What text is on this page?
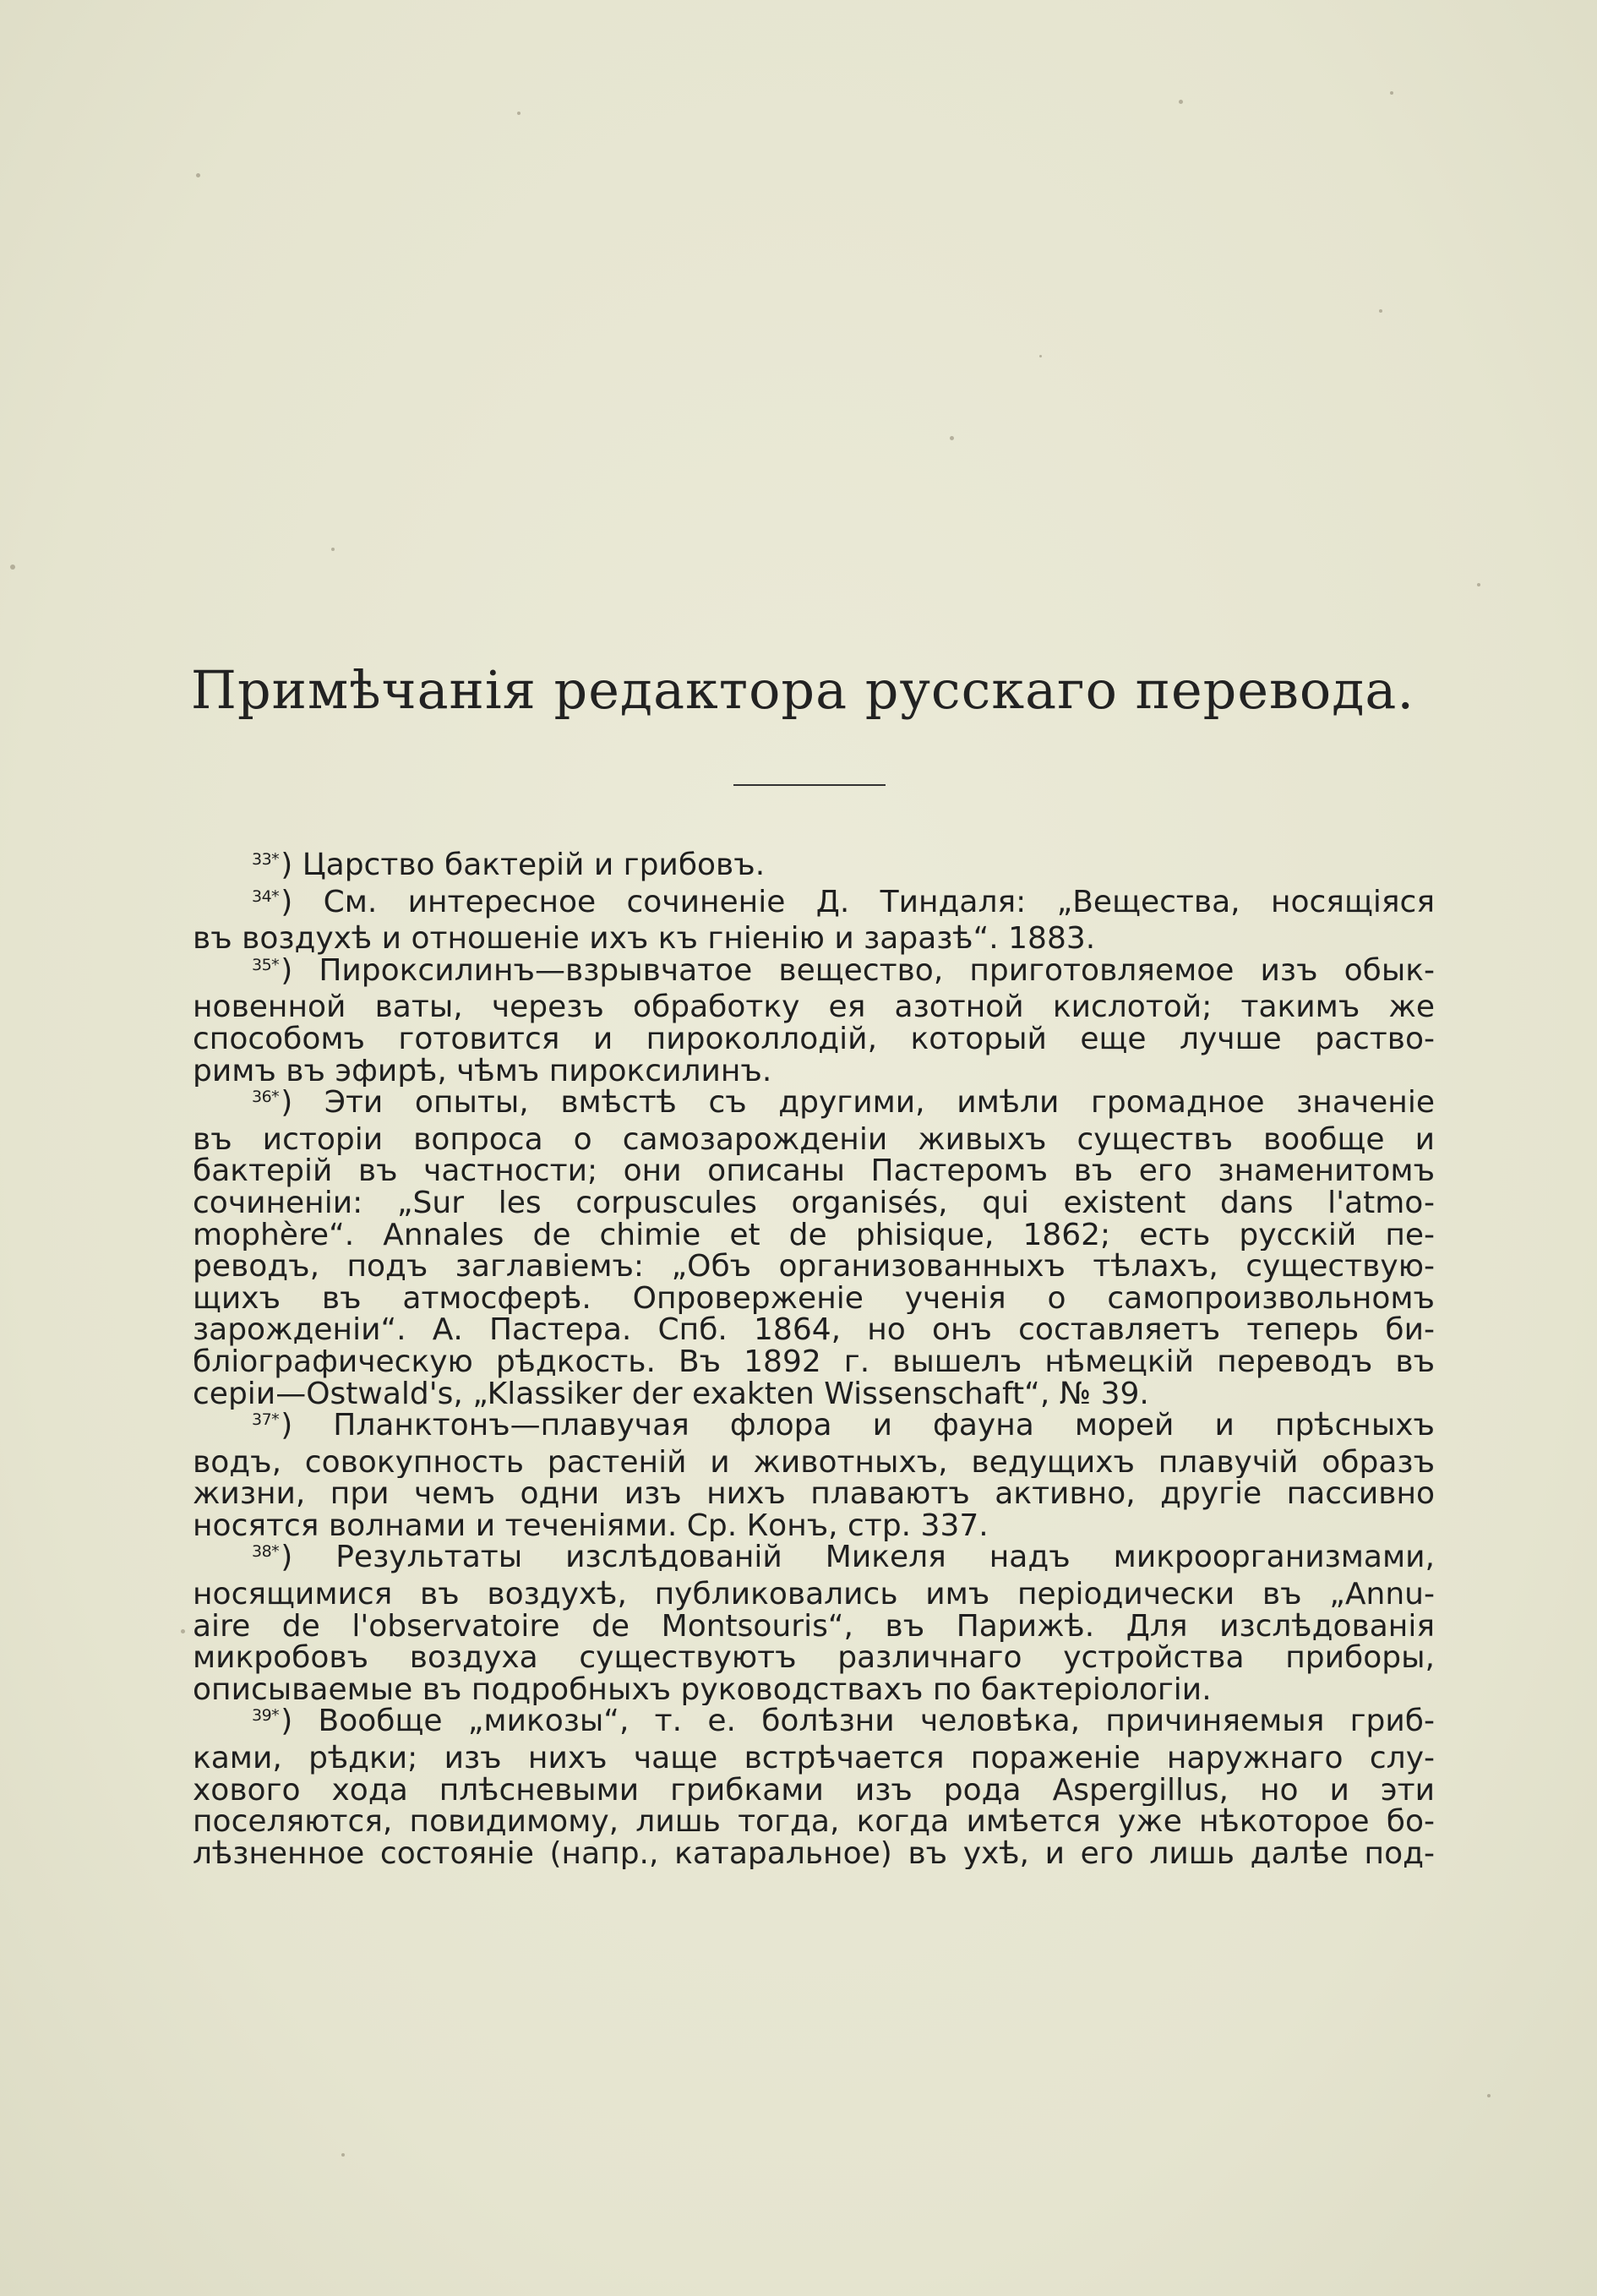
Примѣчанія редактора русскаго перевода.

$^{33*}$) Царство бактерій и грибовъ.

$^{34*}$) См. интересное сочиненіе Д. Тиндаля: „Вещества, носящіяся
въ воздухѣ и отношеніе ихъ къ гніенію и заразѣ“. 1883.

$^{35*}$) Пироксилинъ—взрывчатое вещество, приготовляемое изъ обык-
новенной ваты, черезъ обработку ея азотной кислотой; такимъ же
способомъ готовится и пироколлодій, который еще лучше раство-
римъ въ эфирѣ, чѣмъ пироксилинъ.

$^{36*}$) Эти опыты, вмѣстѣ съ другими, имѣли громадное значеніе
въ исторіи вопроса о самозарожденіи живыхъ существъ вообще и
бактерій въ частности; они описаны Пастеромъ въ его знаменитомъ
сочиненіи: „Sur les corpuscules organisés, qui existent dans l'atmo-
mophère“. Annales de chimie et de phisique, 1862; есть русскій пе-
реводъ, подъ заглавіемъ: „Объ организованныхъ тѣлахъ, существую-
щихъ въ атмосферѣ. Опроверженіе ученія о самопроизвольномъ
зарожденіи“. А. Пастера. Спб. 1864, но онъ составляетъ теперь би-
бліографическую рѣдкость. Въ 1892 г. вышелъ нѣмецкій переводъ въ
серіи—Ostwald's, „Klassiker der exakten Wissenschaft“, № 39.

$^{37*}$) Планктонъ—плавучая флора и фауна морей и прѣсныхъ
водъ, совокупность растеній и животныхъ, ведущихъ плавучій образъ
жизни, при чемъ одни изъ нихъ плаваютъ активно, другіе пассивно
носятся волнами и теченіями. Ср. Конъ, стр. 337.

$^{38*}$) Результаты изслѣдованій Микеля надъ микроорганизмами,
носящимися въ воздухѣ, публиковались имъ періодически въ „Annu-
aire de l'observatoire de Montsouris“, въ Парижѣ. Для изслѣдованія
микробовъ воздуха существуютъ различнаго устройства приборы,
описываемые въ подробныхъ руководствахъ по бактеріологіи.

$^{39*}$) Вообще „микозы“, т. е. болѣзни человѣка, причиняемыя гриб-
ками, рѣдки; изъ нихъ чаще встрѣчается пораженіе наружнаго слу-
хового хода плѣсневыми грибками изъ рода Aspergillus, но и эти
поселяются, повидимому, лишь тогда, когда имѣется уже нѣкоторое бо-
лѣзненное состояніе (напр., катаральное) въ ухѣ, и его лишь далѣе под-
